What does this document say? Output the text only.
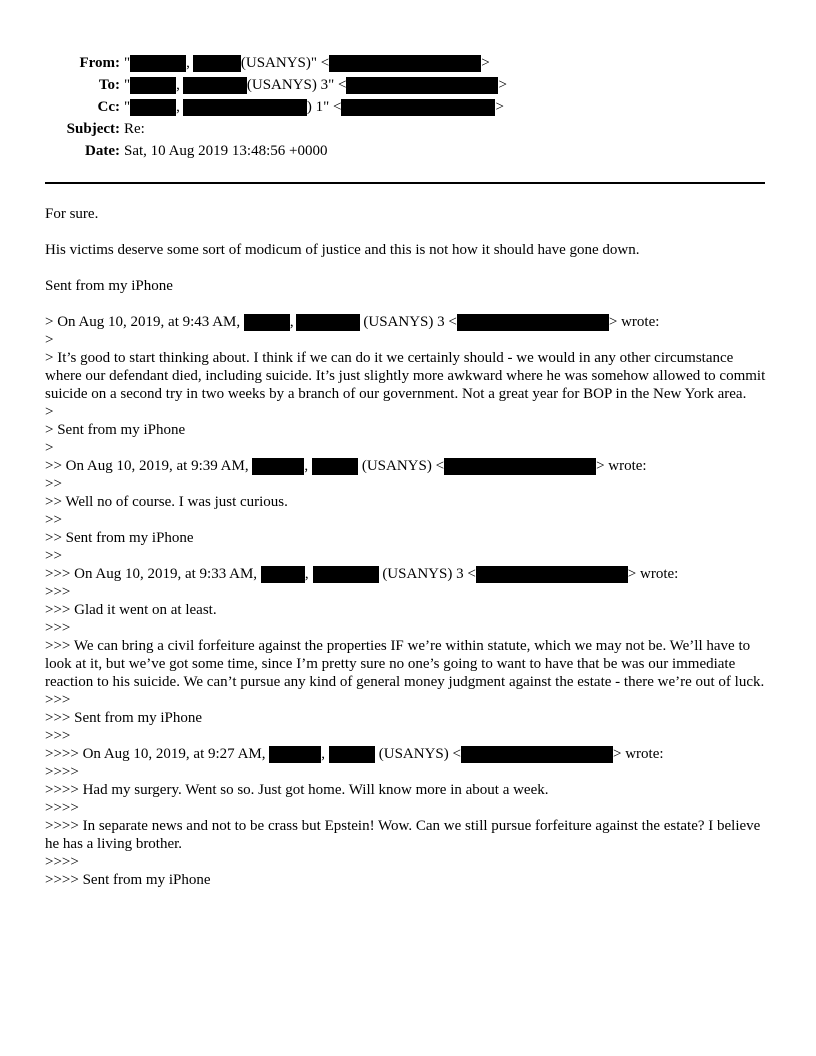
From: "	,	(USANYS)" <	>
To: "	,	(USANYS) 3" <	>
Cc: "	,	) 1" <	>
Subject: Re:
Date: Sat, 10 Aug 2019 13:48:56 +0000

For sure.

His victims deserve some sort of modicum of justice and this is not how it should have gone down.

Sent from my iPhone

> On Aug 10, 2019, at 9:43 AM,
	,
	(USANYS) 3 <	> wrote:
>

> It’s good to start thinking about. I think if we can do it we certainly should - we would in any other circumstance where our defendant died, including suicide. It’s just slightly more awkward where he was somehow allowed to commit suicide on a second try in two weeks by a branch of our government. Not a great year for BOP in the New York area.

>
> Sent from my iPhone
>
>> On Aug 10, 2019, at 9:39 AM,
	,
	(USANYS) <	> wrote:
>>
>> Well no of course. I was just curious.
>>
>> Sent from my iPhone
>>
>>> On Aug 10, 2019, at 9:33 AM,
	,
	(USANYS) 3 <	> wrote:
>>>
>>> Glad it went on at least.
>>>

>>> We can bring a civil forfeiture against the properties IF we’re within statute, which we may not be. We’ll have to look at it, but we’ve got some time, since I’m pretty sure no one’s going to want to have that be was our immediate reaction to his suicide. We can’t pursue any kind of general money judgment against the estate - there we’re out of luck.

>>>
>>> Sent from my iPhone
>>>
>>>> On Aug 10, 2019, at 9:27 AM,
	,
	(USANYS) <	> wrote:
>>>>
>>>> Had my surgery. Went so so. Just got home. Will know more in about a week.
>>>>

>>>> In separate news and not to be crass but Epstein! Wow. Can we still pursue forfeiture against the estate? I believe he has a living brother.

>>>>
>>>> Sent from my iPhone
